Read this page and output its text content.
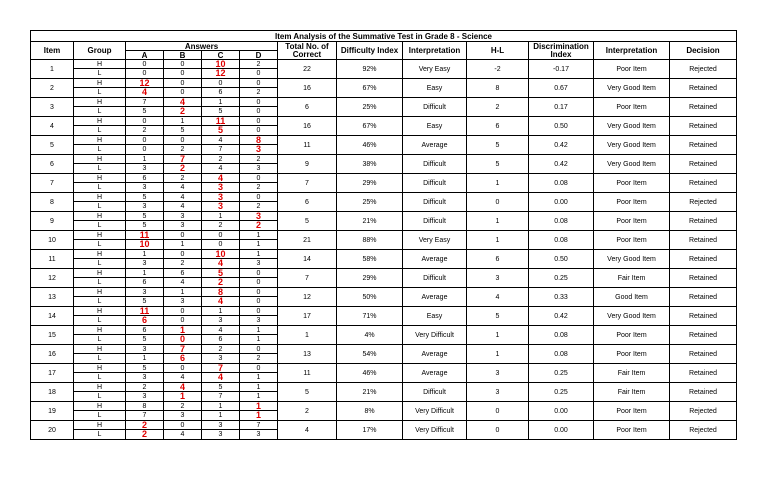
Item Analysis of the Summative Test in Grade 8 - Science												
Item	Group	Answers				Total No. of Correct	Difficulty Index	Interpretation	H-L	Discrimination Index	Interpretation	Decision
		A	B	C	D							
1	H	0	0	10	2	22	92%	Very Easy	-2	-0.17	Poor Item	Rejected
	L	0	0	12	0							
2	H	12	0	0	0	16	67%	Easy	8	0.67	Very Good Item	Retained
	L	4	0	6	2							
3	H	7	4	1	0	6	25%	Difficult	2	0.17	Poor Item	Retained
	L	5	2	5	0							
4	H	0	1	11	0	16	67%	Easy	6	0.50	Very Good Item	Retained
	L	2	5	5	0							
5	H	0	0	4	8	11	46%	Average	5	0.42	Very Good Item	Retained
	L	0	2	7	3							
6	H	1	7	2	2	9	38%	Difficult	5	0.42	Very Good Item	Retained
	L	3	2	4	3							
7	H	6	2	4	0	7	29%	Difficult	1	0.08	Poor Item	Retained
	L	3	4	3	2							
8	H	5	4	3	0	6	25%	Difficult	0	0.00	Poor Item	Rejected
	L	3	4	3	2							
9	H	5	3	1	3	5	21%	Difficult	1	0.08	Poor Item	Retained
	L	5	3	2	2							
10	H	11	0	0	1	21	88%	Very Easy	1	0.08	Poor Item	Retained
	L	10	1	0	1							
11	H	1	0	10	1	14	58%	Average	6	0.50	Very Good Item	Retained
	L	3	2	4	3							
12	H	1	6	5	0	7	29%	Difficult	3	0.25	Fair Item	Retained
	L	6	4	2	0							
13	H	3	1	8	0	12	50%	Average	4	0.33	Good Item	Retained
	L	5	3	4	0							
14	H	11	0	1	0	17	71%	Easy	5	0.42	Very Good Item	Retained
	L	6	0	3	3							
15	H	6	1	4	1	1	4%	Very Difficult	1	0.08	Poor Item	Retained
	L	5	0	6	1							
16	H	3	7	2	0	13	54%	Average	1	0.08	Poor Item	Retained
	L	1	6	3	2							
17	H	5	0	7	0	11	46%	Average	3	0.25	Fair Item	Retained
	L	3	4	4	1							
18	H	2	4	5	1	5	21%	Difficult	3	0.25	Fair Item	Retained
	L	3	1	7	1							
19	H	8	2	1	1	2	8%	Very Difficult	0	0.00	Poor Item	Rejected
	L	7	3	1	1							
20	H	2	0	3	7	4	17%	Very Difficult	0	0.00	Poor Item	Rejected
	L	2	4	3	3							
